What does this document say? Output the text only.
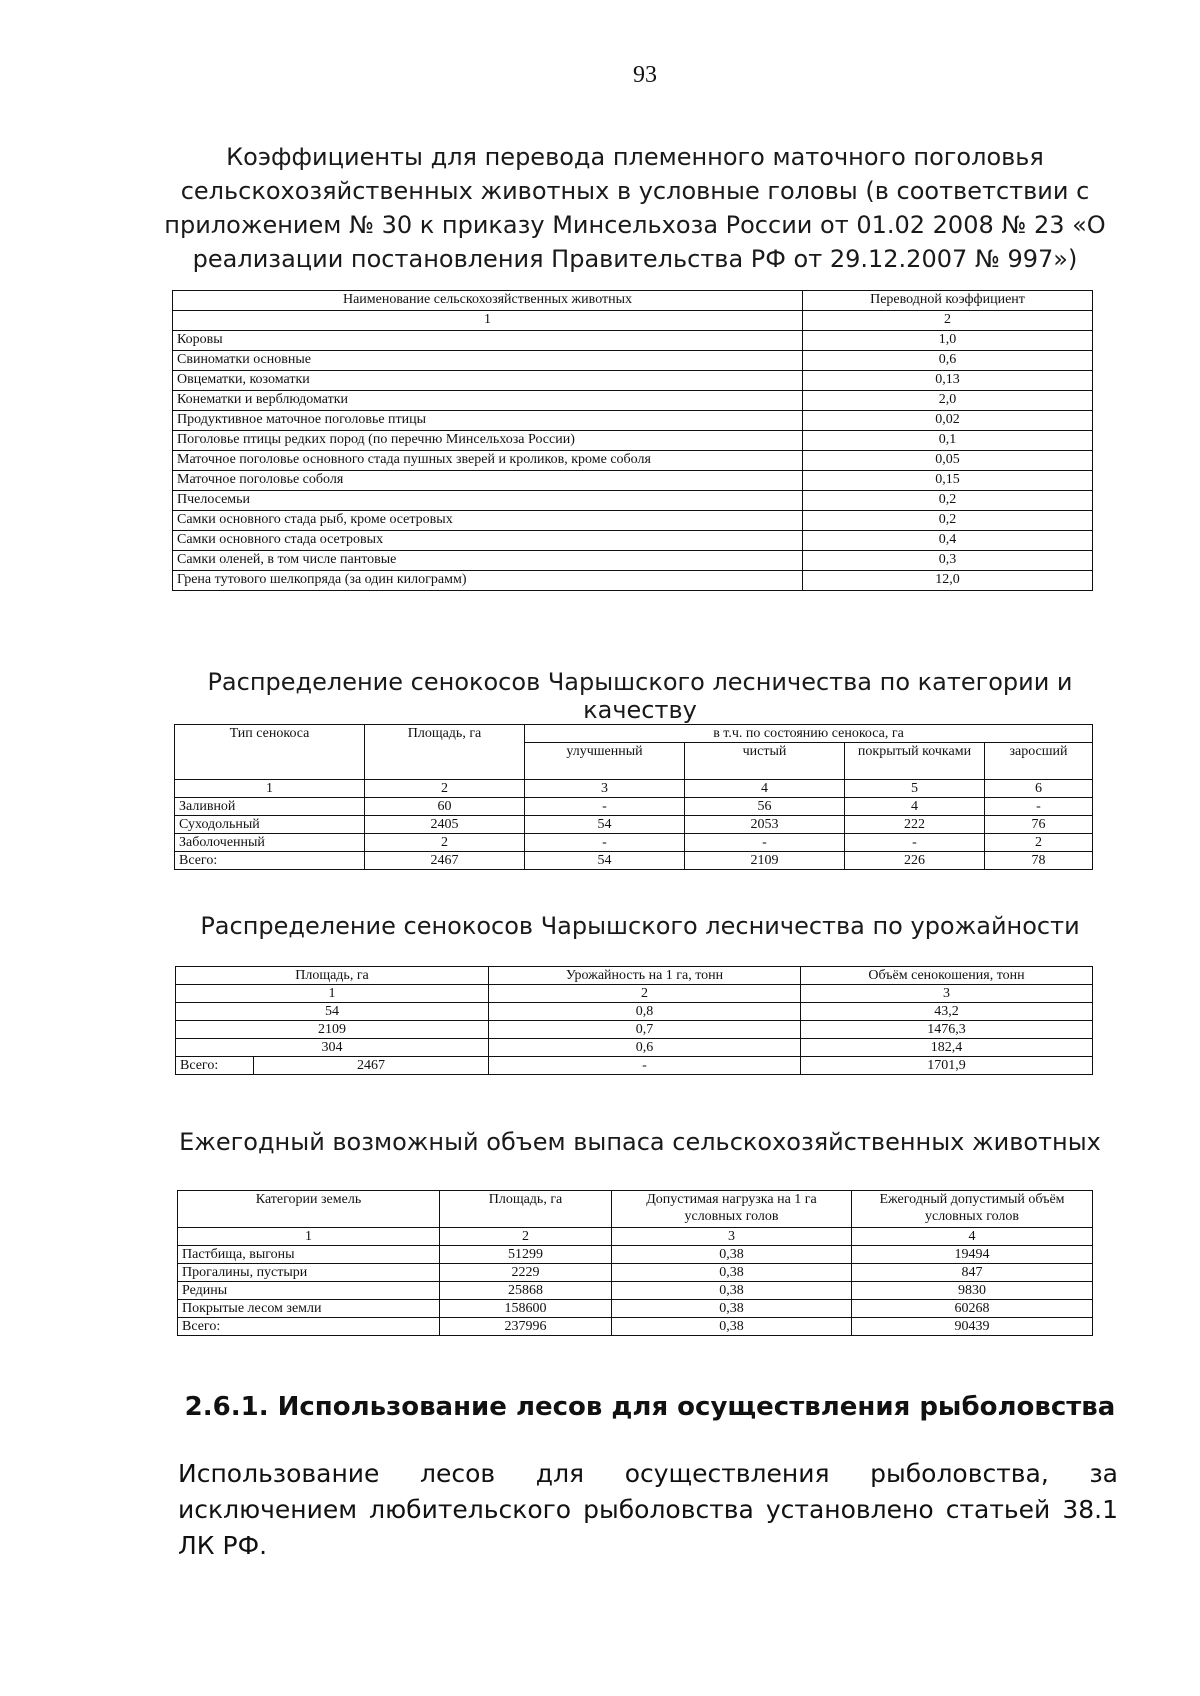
93
Коэффициенты для перевода племенного маточного поголовья сельскохозяйственных животных в условные головы (в соответствии с приложением № 30 к приказу Минсельхоза России от 01.02 2008 № 23 «О реализации постановления Правительства РФ от 29.12.2007 № 997»)
Наименование сельскохозяйственных животных	Переводной коэффициент
1	2
Коровы	1,0
Свиноматки основные	0,6
Овцематки, козоматки	0,13
Конематки и верблюдоматки	2,0
Продуктивное маточное поголовье птицы	0,02
Поголовье птицы редких пород (по перечню Минсельхоза России)	0,1
Маточное поголовье основного стада пушных зверей и кроликов, кроме соболя	0,05
Маточное поголовье соболя	0,15
Пчелосемьи	0,2
Самки основного стада рыб, кроме осетровых	0,2
Самки основного стада осетровых	0,4
Самки оленей, в том числе пантовые	0,3
Грена тутового шелкопряда (за один килограмм)	12,0
Распределение сенокосов Чарышского лесничества по категории и качеству
Тип сенокоса	Площадь, га	в т.ч. по состоянию сенокоса, га			
		улучшенный	чистый	покрытый кочками	заросший
1	2	3	4	5	6
Заливной	60	-	56	4	-
Суходольный	2405	54	2053	222	76
Заболоченный	2	-	-	-	2
Всего:	2467	54	2109	226	78
Распределение сенокосов Чарышского лесничества по урожайности
Площадь, га		Урожайность на 1 га, тонн	Объём сенокошения, тонн
1		2	3
54		0,8	43,2
2109		0,7	1476,3
304		0,6	182,4
Всего:	2467	-	1701,9
Ежегодный возможный объем выпаса сельскохозяйственных животных
Категории земель	Площадь, га	Допустимая нагрузка на 1 га условных голов	Ежегодный допустимый объём условных голов
1	2	3	4
Пастбища, выгоны	51299	0,38	19494
Прогалины, пустыри	2229	0,38	847
Редины	25868	0,38	9830
Покрытые лесом земли	158600	0,38	60268
Всего:	237996	0,38	90439
2.6.1. Использование лесов для осуществления рыболовства

Использование лесов для осуществления рыболовства, за исключением любительского рыболовства установлено статьей 38.1 ЛК РФ.
